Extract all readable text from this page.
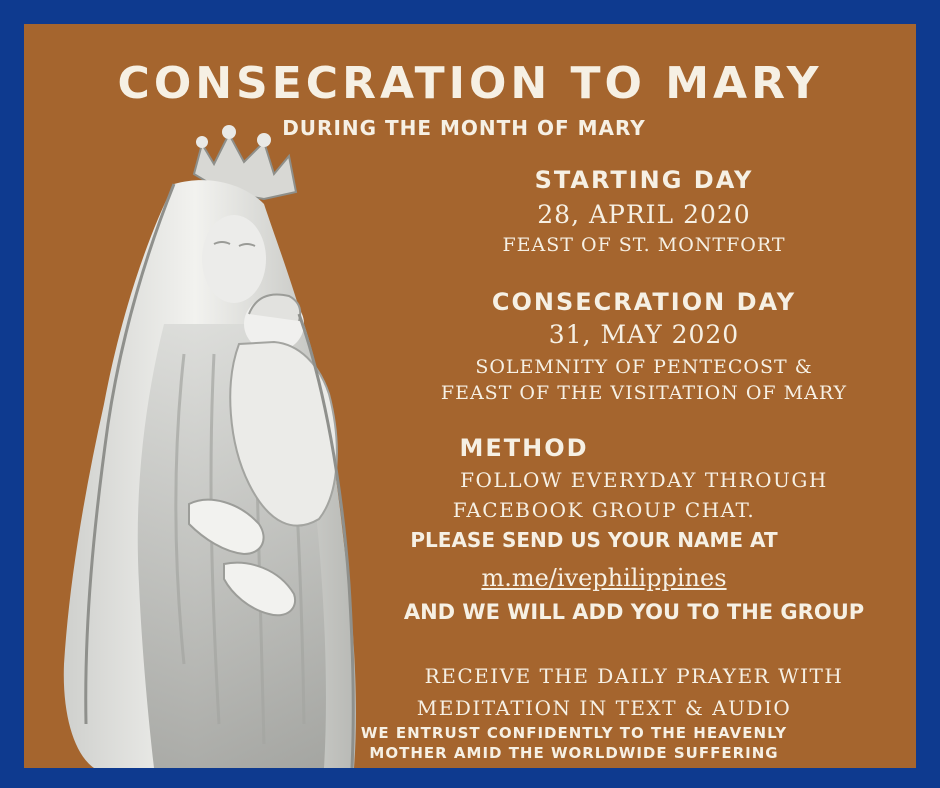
CONSECRATION TO MARY
DURING THE MONTH OF MARY
STARTING DAY
28, APRIL 2020
FEAST OF ST. MONTFORT
CONSECRATION DAY
31, MAY 2020
SOLEMNITY OF PENTECOST &
FEAST OF THE VISITATION OF MARY
METHOD
FOLLOW EVERYDAY THROUGH
FACEBOOK GROUP CHAT.
PLEASE SEND US YOUR NAME AT
m.me/ivephilippines
AND WE WILL ADD YOU TO THE GROUP
RECEIVE THE DAILY PRAYER WITH
MEDITATION IN TEXT & AUDIO
WE ENTRUST CONFIDENTLY TO THE HEAVENLY
MOTHER AMID THE WORLDWIDE SUFFERING
